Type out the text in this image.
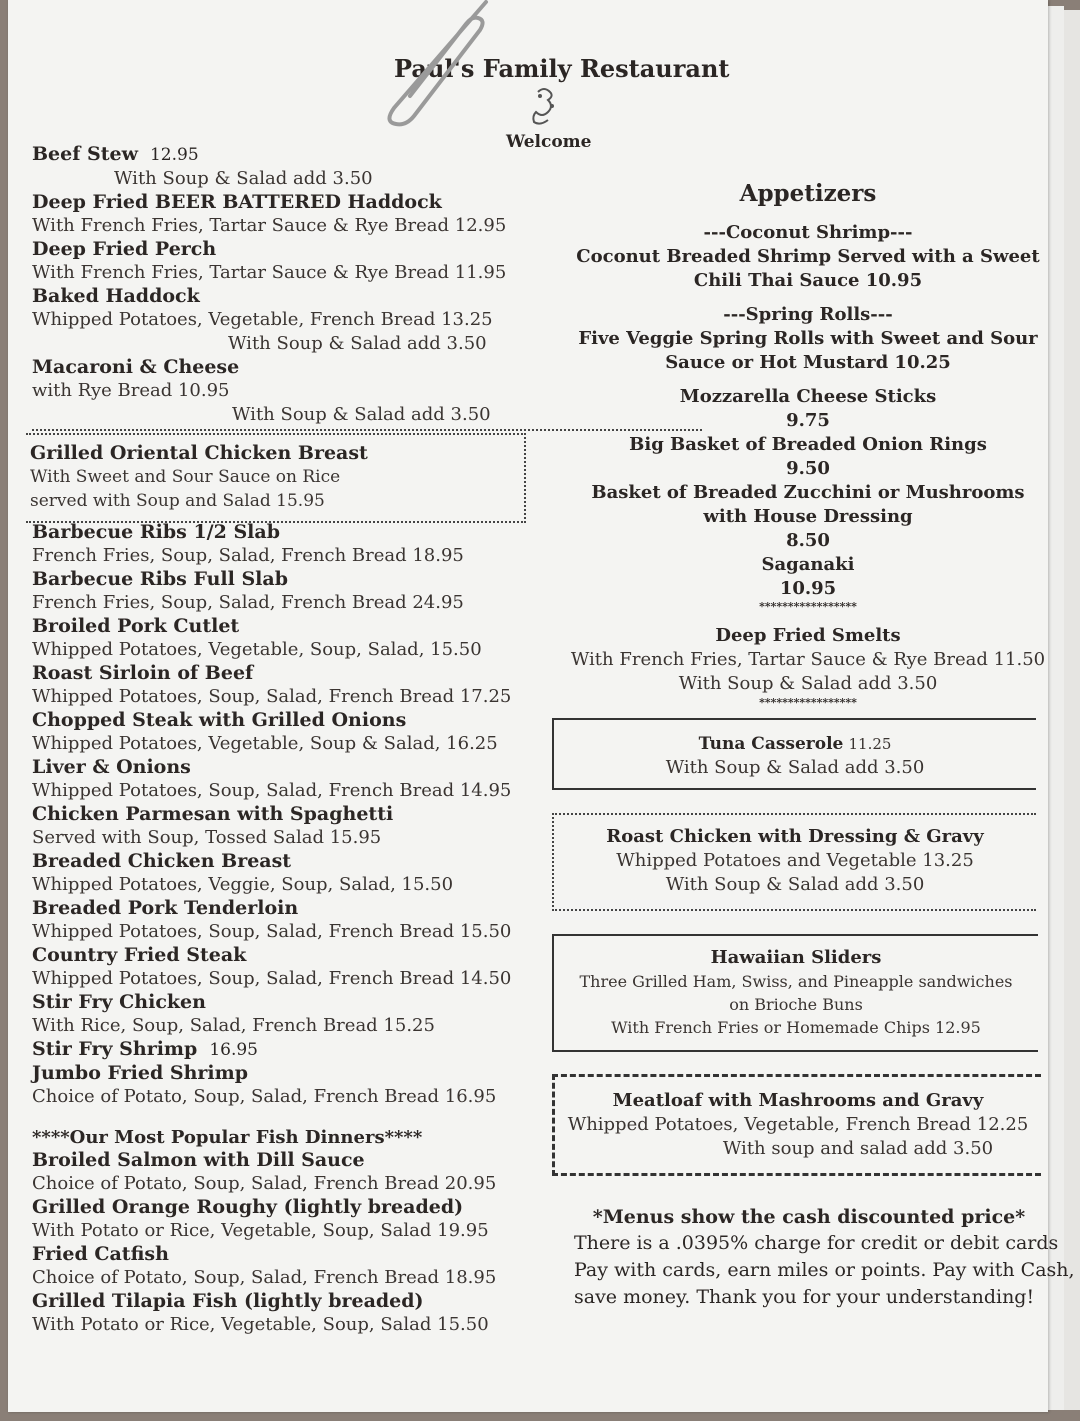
Paul's Family Restaurant
Welcome
Beef Stew 12.95
With Soup & Salad add 3.50
Deep Fried BEER BATTERED Haddock
With French Fries, Tartar Sauce & Rye Bread 12.95
Deep Fried Perch
With French Fries, Tartar Sauce & Rye Bread 11.95
Baked Haddock
Whipped Potatoes, Vegetable, French Bread 13.25
With Soup & Salad add 3.50
Macaroni & Cheese
with Rye Bread 10.95
With Soup & Salad add 3.50
Grilled Oriental Chicken Breast
With Sweet and Sour Sauce on Rice
served with Soup and Salad 15.95
Barbecue Ribs 1/2 Slab
French Fries, Soup, Salad, French Bread 18.95
Barbecue Ribs Full Slab
French Fries, Soup, Salad, French Bread 24.95
Broiled Pork Cutlet
Whipped Potatoes, Vegetable, Soup, Salad, 15.50
Roast Sirloin of Beef
Whipped Potatoes, Soup, Salad, French Bread 17.25
Chopped Steak with Grilled Onions
Whipped Potatoes, Vegetable, Soup & Salad, 16.25
Liver & Onions
Whipped Potatoes, Soup, Salad, French Bread 14.95
Chicken Parmesan with Spaghetti
Served with Soup, Tossed Salad 15.95
Breaded Chicken Breast
Whipped Potatoes, Veggie, Soup, Salad, 15.50
Breaded Pork Tenderloin
Whipped Potatoes, Soup, Salad, French Bread 15.50
Country Fried Steak
Whipped Potatoes, Soup, Salad, French Bread 14.50
Stir Fry Chicken
With Rice, Soup, Salad, French Bread 15.25
Stir Fry Shrimp 16.95
Jumbo Fried Shrimp
Choice of Potato, Soup, Salad, French Bread 16.95
****Our Most Popular Fish Dinners****
Broiled Salmon with Dill Sauce
Choice of Potato, Soup, Salad, French Bread 20.95
Grilled Orange Roughy (lightly breaded)
With Potato or Rice, Vegetable, Soup, Salad 19.95
Fried Catfish
Choice of Potato, Soup, Salad, French Bread 18.95
Grilled Tilapia Fish (lightly breaded)
With Potato or Rice, Vegetable, Soup, Salad 15.50
Appetizers
---Coconut Shrimp---
Coconut Breaded Shrimp Served with a Sweet
Chili Thai Sauce 10.95
---Spring Rolls---
Five Veggie Spring Rolls with Sweet and Sour
Sauce or Hot Mustard 10.25
Mozzarella Cheese Sticks
9.75
Big Basket of Breaded Onion Rings
9.50
Basket of Breaded Zucchini or Mushrooms
with House Dressing
8.50
Saganaki
10.95
*****************
Deep Fried Smelts
With French Fries, Tartar Sauce & Rye Bread 11.50
With Soup & Salad add 3.50
*****************
Tuna Casserole 11.25
With Soup & Salad add 3.50
Roast Chicken with Dressing & Gravy
Whipped Potatoes and Vegetable 13.25
With Soup & Salad add 3.50
Hawaiian Sliders
Three Grilled Ham, Swiss, and Pineapple sandwiches
on Brioche Buns
With French Fries or Homemade Chips 12.95
Meatloaf with Mashrooms and Gravy
Whipped Potatoes, Vegetable, French Bread 12.25
With soup and salad add 3.50
*Menus show the cash discounted price*
There is a .0395% charge for credit or debit cards
Pay with cards, earn miles or points. Pay with Cash,
save money. Thank you for your understanding!
